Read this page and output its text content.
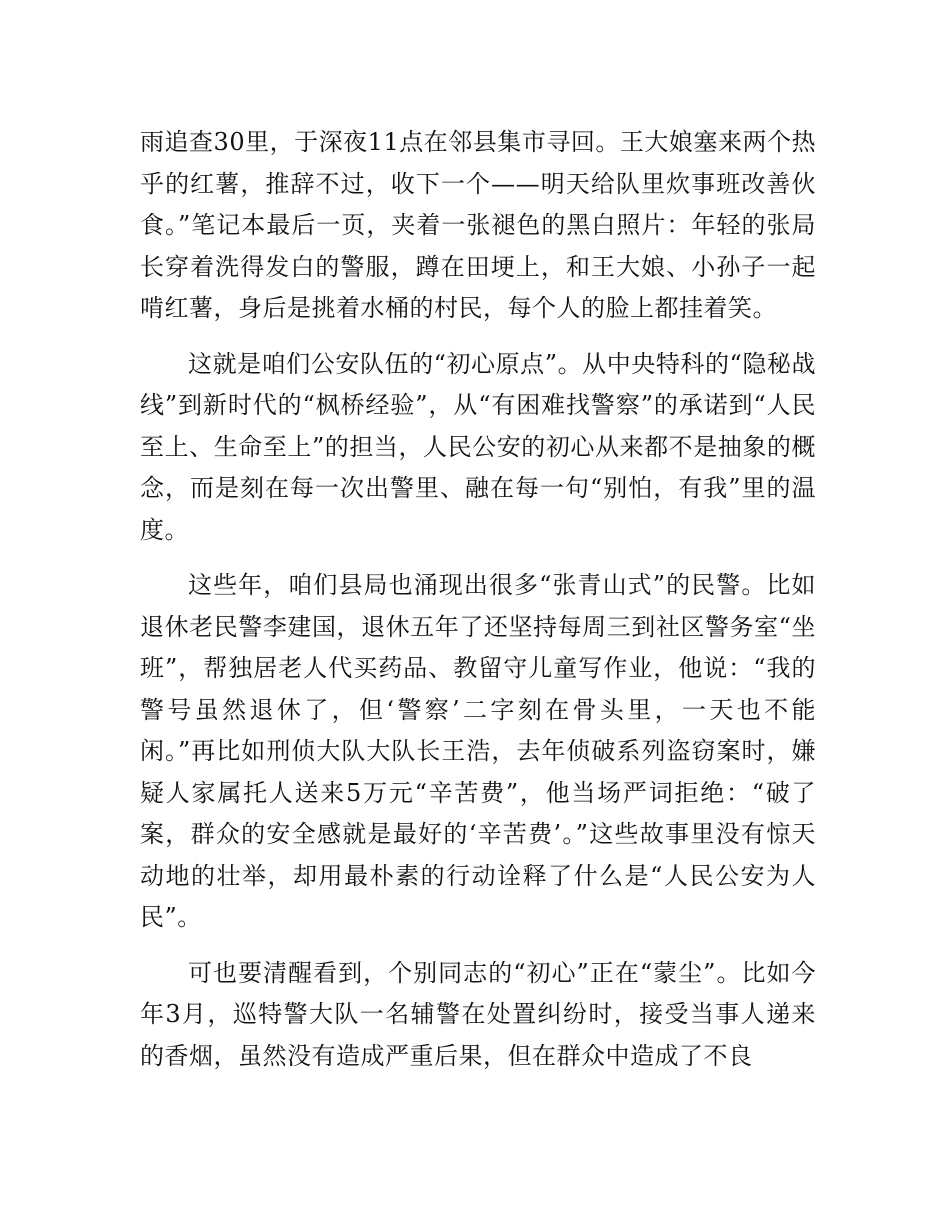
雨追查30里，于深夜11点在邻县集市寻回。王大娘塞来两个热乎的红薯，推辞不过，收下一个——明天给队里炊事班改善伙食。”笔记本最后一页，夹着一张褪色的黑白照片：年轻的张局长穿着洗得发白的警服，蹲在田埂上，和王大娘、小孙子一起啃红薯，身后是挑着水桶的村民，每个人的脸上都挂着笑。

这就是咱们公安队伍的“初心原点”。从中央特科的“隐秘战线”到新时代的“枫桥经验”，从“有困难找警察”的承诺到“人民至上、生命至上”的担当，人民公安的初心从来都不是抽象的概念，而是刻在每一次出警里、融在每一句“别怕，有我”里的温度。

这些年，咱们县局也涌现出很多“张青山式”的民警。比如退休老民警李建国，退休五年了还坚持每周三到社区警务室“坐班”，帮独居老人代买药品、教留守儿童写作业，他说：“我的警号虽然退休了，但‘警察’二字刻在骨头里，一天也不能闲。”再比如刑侦大队大队长王浩，去年侦破系列盗窃案时，嫌疑人家属托人送来5万元“辛苦费”，他当场严词拒绝：“破了案，群众的安全感就是最好的‘辛苦费’。”这些故事里没有惊天动地的壮举，却用最朴素的行动诠释了什么是“人民公安为人民”。

可也要清醒看到，个别同志的“初心”正在“蒙尘”。比如今年3月，巡特警大队一名辅警在处置纠纷时，接受当事人递来的香烟，虽然没有造成严重后果，但在群众中造成了不良
